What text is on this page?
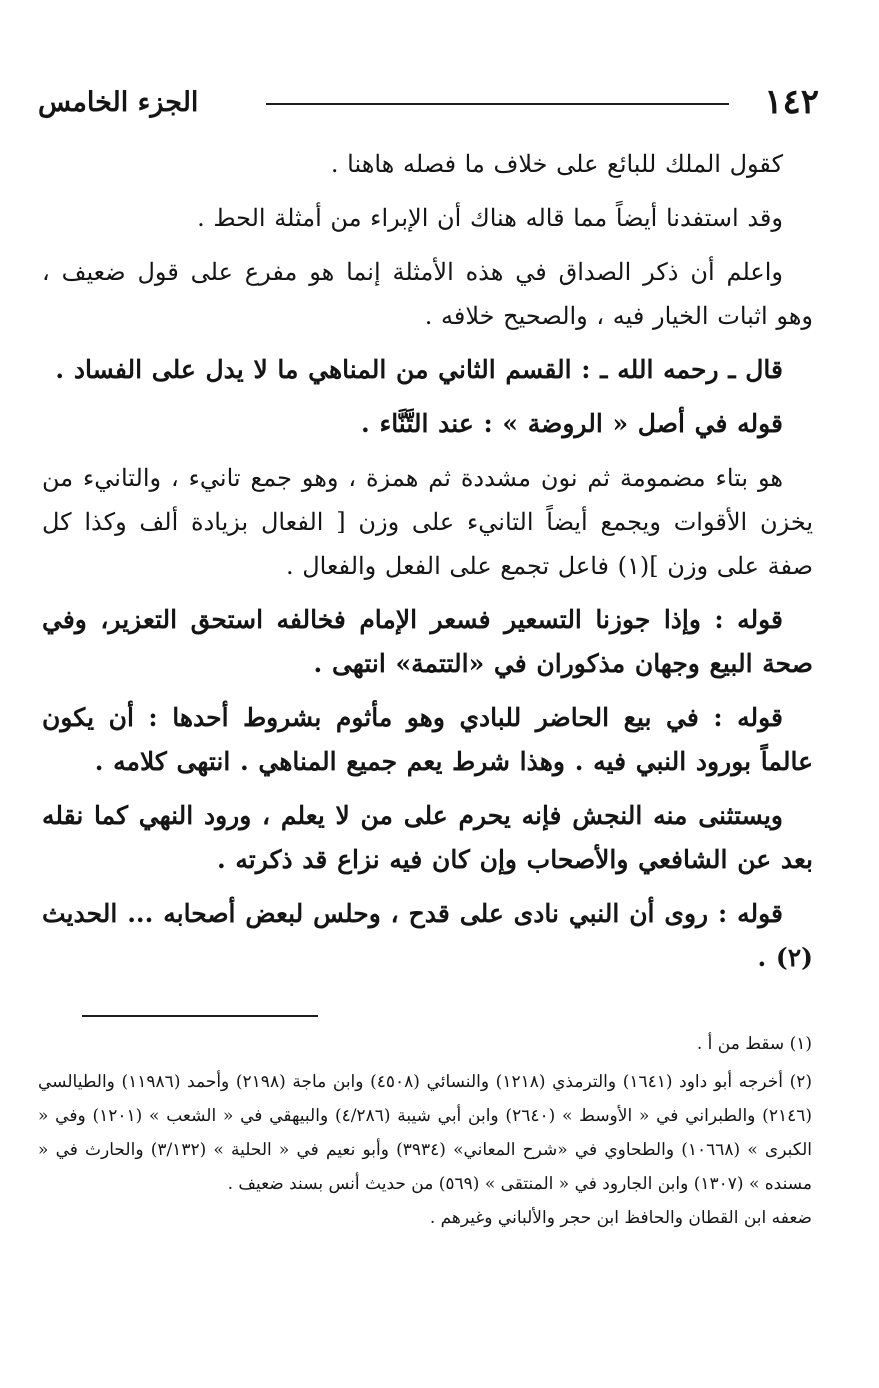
١٤٢
الجزء الخامس

كقول الملك للبائع على خلاف ما فصله هاهنا .

وقد استفدنا أيضاً مما قاله هناك أن الإبراء من أمثلة الحط .

واعلم أن ذكر الصداق في هذه الأمثلة إنما هو مفرع على قول ضعيف ، وهو اثبات الخيار فيه ، والصحيح خلافه .

قال ـ رحمه الله ـ : القسم الثاني من المناهي ما لا يدل على الفساد .

قوله في أصل « الروضة » : عند التَّنَّاء .

هو بتاء مضمومة ثم نون مشددة ثم همزة ، وهو جمع تانيء ، والتانيء من يخزن الأقوات ويجمع أيضاً التانيء على وزن [ الفعال بزيادة ألف وكذا كل صفة على وزن ](١) فاعل تجمع على الفعل والفعال .

قوله : وإذا جوزنا التسعير فسعر الإمام فخالفه استحق التعزير، وفي صحة البيع وجهان مذكوران في «التتمة» انتهى .

قوله : في بيع الحاضر للبادي وهو مأثوم بشروط أحدها : أن يكون عالماً بورود النبي فيه . وهذا شرط يعم جميع المناهي . انتهى كلامه .

ويستثنى منه النجش فإنه يحرم على من لا يعلم ، ورود النهي كما نقله بعد عن الشافعي والأصحاب وإن كان فيه نزاع قد ذكرته .

قوله : روى أن النبي نادى على قدح ، وحلس لبعض أصحابه ... الحديث (٢) .

(١) سقط من أ .

(٢) أخرجه أبو داود (١٦٤١) والترمذي (١٢١٨) والنسائي (٤٥٠٨) وابن ماجة (٢١٩٨) وأحمد (١١٩٨٦) والطيالسي (٢١٤٦) والطبراني في « الأوسط » (٢٦٤٠) وابن أبي شيبة (٤/٢٨٦) والبيهقي في « الشعب » (١٢٠١) وفي « الكبرى » (١٠٦٦٨) والطحاوي في «شرح المعاني» (٣٩٣٤) وأبو نعيم في « الحلية » (٣/١٣٢) والحارث في « مسنده » (١٣٠٧) وابن الجارود في « المنتقى » (٥٦٩) من حديث أنس بسند ضعيف .

ضعفه ابن القطان والحافظ ابن حجر والألباني وغيرهم .
